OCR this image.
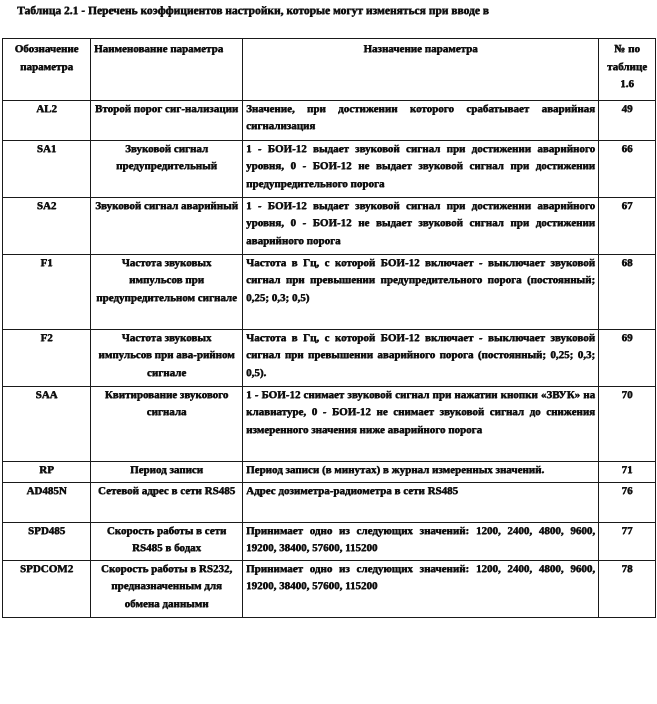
Таблица 2.1 - Перечень коэффициентов настройки, которые могут изменяться при вводе в
Обозначение параметра	Наименование параметра	Назначение параметра	№ по таблице 1.6
AL2	Второй порог сиг-нализации	Значение, при достижении которого срабатывает аварийная сигнализация	49
SA1	Звуковой сигнал предупредительный	1 - БОИ-12 выдает звуковой сигнал при достижении аварийного уровня, 0 - БОИ-12 не выдает звуковой сигнал при достижении предупредительного порога	66
SA2	Звуковой сигнал аварийный	1 - БОИ-12 выдает звуковой сигнал при достижении аварийного уровня, 0 - БОИ-12 не выдает звуковой сигнал при достижении аварийного порога	67
F1	Частота звуковых импульсов при предупредительном сигнале	Частота в Гц, с которой БОИ-12 включает - выключает звуковой сигнал при превышении предупредительного порога (постоянный; 0,25; 0,3; 0,5)	68
F2	Частота звуковых импульсов при ава-рийном сигнале	Частота в Гц, с которой БОИ-12 включает - выключает звуковой сигнал при превышении аварийного порога (постоянный; 0,25; 0,3; 0,5).	69
SAA	Квитирование звукового сигнала	1 - БОИ-12 снимает звуковой сигнал при нажатии кнопки «ЗВУК» на клавиатуре, 0 - БОИ-12 не снимает звуковой сигнал до снижения измеренного значения ниже аварийного порога	70
RP	Период записи	Период записи (в минутах) в журнал измеренных значений.	71
AD485N	Сетевой адрес в сети RS485	Адрес дозиметра-радиометра в сети RS485	76
SPD485	Скорость работы в сети RS485 в бодах	Принимает одно из следующих значений: 1200, 2400, 4800, 9600, 19200, 38400, 57600, 115200	77
SPDCOM2	Скорость работы в RS232, предназначенным для обмена данными	Принимает одно из следующих значений: 1200, 2400, 4800, 9600, 19200, 38400, 57600, 115200	78
